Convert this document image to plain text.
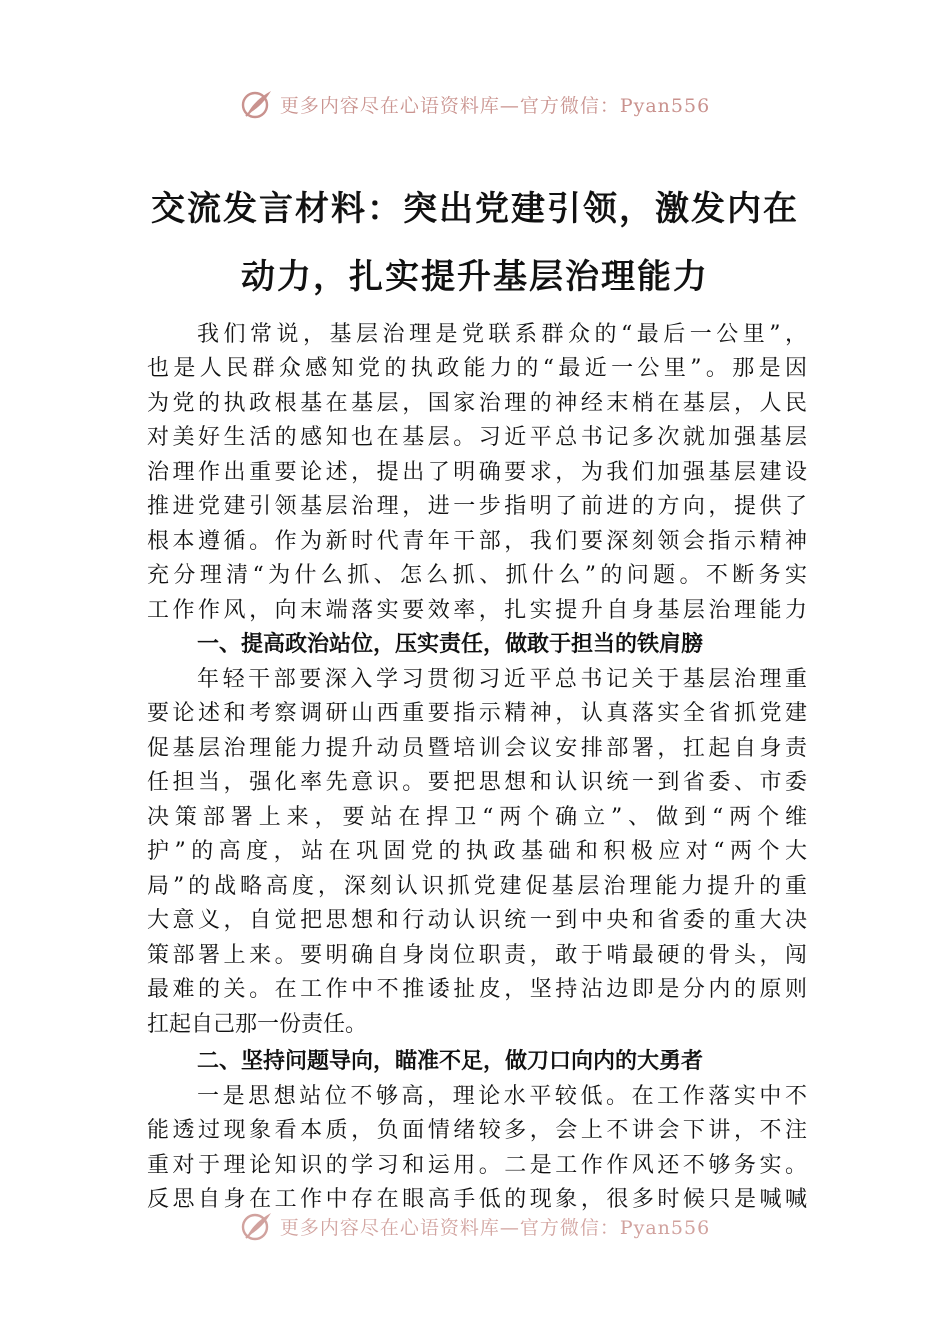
更多内容尽在心语资料库—官方微信：Pyan556
交流发言材料：突出党建引领，激发内在
动力，扎实提升基层治理能力

我们常说，基层治理是党联系群众的“最后一公里”，

也是人民群众感知党的执政能力的“最近一公里”。那是因

为党的执政根基在基层，国家治理的神经末梢在基层，人民

对美好生活的感知也在基层。习近平总书记多次就加强基层

治理作出重要论述，提出了明确要求，为我们加强基层建设

推进党建引领基层治理，进一步指明了前进的方向，提供了

根本遵循。作为新时代青年干部，我们要深刻领会指示精神

充分理清“为什么抓、怎么抓、抓什么”的问题。不断务实

工作作风，向末端落实要效率，扎实提升自身基层治理能力

一、提高政治站位，压实责任，做敢于担当的铁肩膀

年轻干部要深入学习贯彻习近平总书记关于基层治理重

要论述和考察调研山西重要指示精神，认真落实全省抓党建

促基层治理能力提升动员暨培训会议安排部署，扛起自身责

任担当，强化率先意识。要把思想和认识统一到省委、市委

决策部署上来，要站在捍卫“两个确立”、做到“两个维

护”的高度，站在巩固党的执政基础和积极应对“两个大

局”的战略高度，深刻认识抓党建促基层治理能力提升的重

大意义，自觉把思想和行动认识统一到中央和省委的重大决

策部署上来。要明确自身岗位职责，敢于啃最硬的骨头，闯

最难的关。在工作中不推诿扯皮，坚持沾边即是分内的原则

扛起自己那一份责任。

二、坚持问题导向，瞄准不足，做刀口向内的大勇者

一是思想站位不够高，理论水平较低。在工作落实中不

能透过现象看本质，负面情绪较多，会上不讲会下讲，不注

重对于理论知识的学习和运用。二是工作作风还不够务实。

反思自身在工作中存在眼高手低的现象，很多时候只是喊喊

更多内容尽在心语资料库—官方微信：Pyan556
